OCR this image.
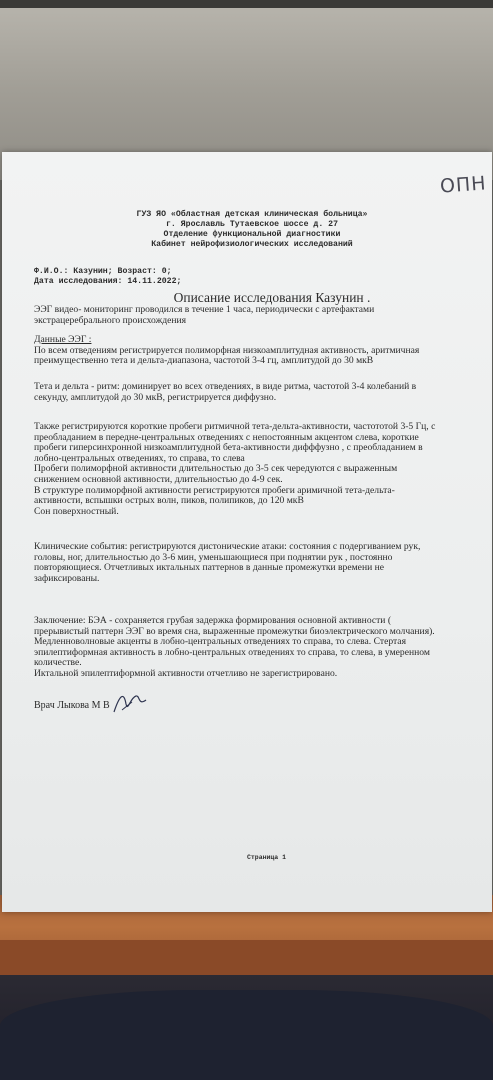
ОПН
ГУЗ ЯО «Областная детская клиническая больница»
г. Ярославль Тутаевское шоссе д. 27
Отделение функциональной диагностики
Кабинет нейрофизиологических исследований
Ф.И.О.: Казунин; Возраст: 0;
Дата исследования: 14.11.2022;
Описание исследования Казунин .

ЭЭГ видео- мониторинг проводился в течение 1 часа, периодически с артефактами

экстрацеребрального происхождения

Данные ЭЭГ :

По всем отведениям регистрируется полиморфная низкоамплитудная активность, аритмичная

преимущественно тета и дельта-диапазона, частотой 3-4 гц, амплитудой до 30 мкВ

Тета и дельта - ритм: доминирует во всех отведениях, в виде ритма, частотой 3-4 колебаний в

секунду, амплитудой до 30 мкВ, регистрируется диффузно.

Также регистрируются короткие пробеги ритмичной тета-дельта-активности, частототой 3-5 Гц, с

преобладанием в передне-центральных отведениях с непостоянным акцентом слева, короткие

пробеги гиперсинхронной низкоамплитудной бета-активности дифффузно , с преобладанием в

лобно-центральных отведениях, то справа, то слева

Пробеги полиморфной активности длительностью до 3-5 сек чередуются с выраженным

снижением основной активности, длительностью до 4-9 сек.

В структуре полиморфной активности регистрируются пробеги аримичной тета-дельта-

активности, вспышки острых волн, пиков, полипиков, до 120 мкВ

Сон поверхностный.

Клинические события: регистрируются дистонические атаки: состояния с подергиванием рук,

головы, ног, длительностью до 3-6 мин, уменьшающиеся при поднятии рук , постоянно

повторяющиеся. Отчетливых иктальных паттернов в данные промежутки времени не

зафиксированы.

Заключение: БЭА - сохраняется грубая задержка формирования основной активности (

прерывистый паттерн ЭЭГ во время сна, выраженные промежутки биоэлектрического молчания).

Медленноволновые акценты в лобно-центральных отведениях то справа, то слева. Стертая

эпилептиформная активность в лобно-центральных отведениях то справа, то слева, в умеренном

количестве.

Иктальной эпилептиформной активности отчетливо не зарегистрировано.

Врач Лыкова М В
Страница 1
